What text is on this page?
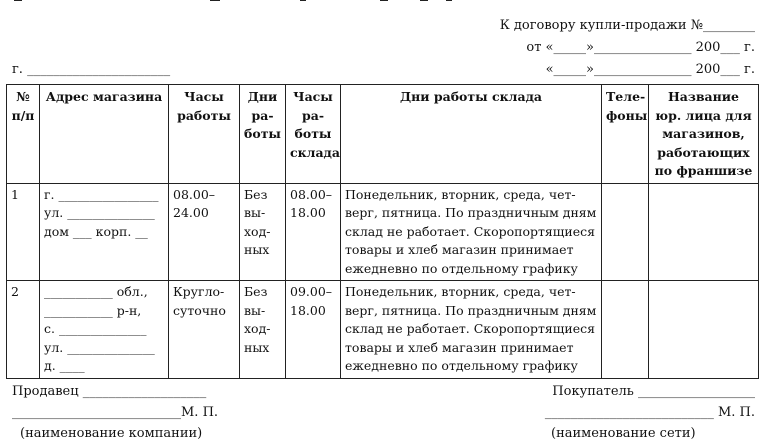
К договору купли-продажи №________
от «_____»_______________ 200___ г.
г. ______________________	«_____»_______________ 200___ г.
№
п/п	Адрес магазина	Часы
работы	Дни
ра-
боты	Часы
ра-
боты
склада	Дни работы склада	Теле-
фоны	Название
юр. лица для
магазинов,
работающих
по франшизе
1	г. ________________
ул. ______________
дом ___ корп. __	08.00–
24.00	Без
вы-
ход-
ных	08.00–
18.00	Понедельник, вторник, среда, чет-
верг, пятница. По праздничным дням
склад не работает. Скоропортящиеся
товары и хлеб магазин принимает
ежедневно по отдельному графику		
2	___________ обл.,
___________ р-н,
с. ______________
ул. ______________
д. ____	Кругло-
суточно	Без
вы-
ход-
ных	09.00–
18.00	Понедельник, вторник, среда, чет-
верг, пятница. По праздничным дням
склад не работает. Скоропортящиеся
товары и хлеб магазин принимает
ежедневно по отдельному графику		
Продавец ___________________
__________________________М. П.
(наименование компании)
Покупатель __________________
__________________________ М. П.
(наименование сети)
